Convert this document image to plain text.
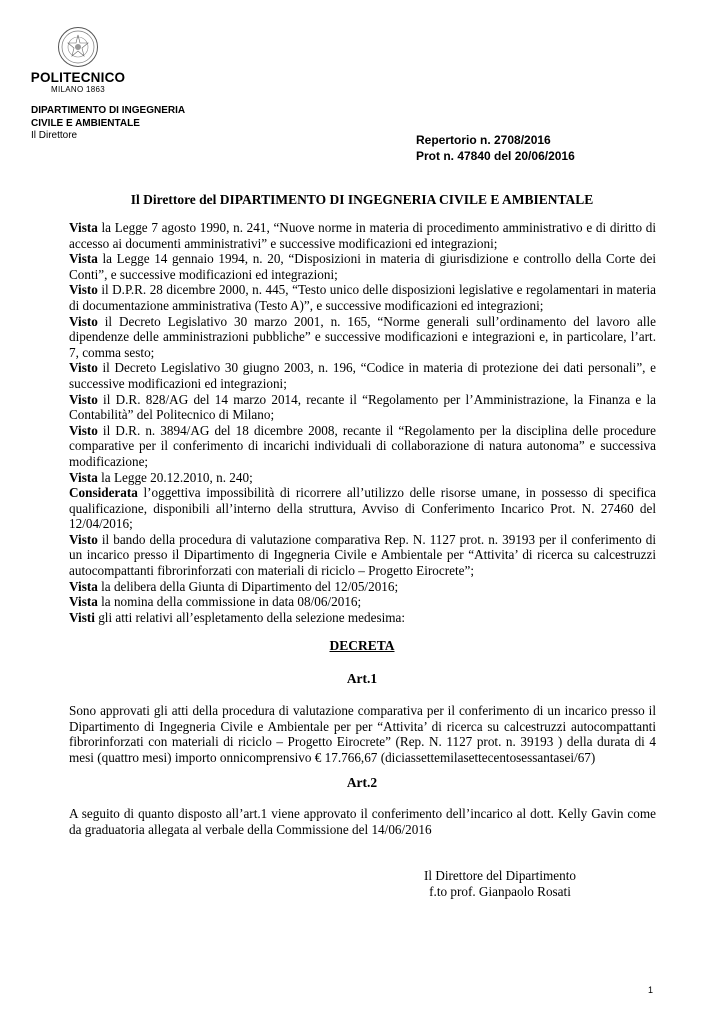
POLITECNICO
MILANO 1863
DIPARTIMENTO DI INGEGNERIA
CIVILE E AMBIENTALE
Il Direttore	Repertorio n. 2708/2016
Prot n. 47840 del 20/06/2016
Il Direttore del DIPARTIMENTO DI INGEGNERIA CIVILE E AMBIENTALE

Vista la Legge 7 agosto 1990, n. 241, “Nuove norme in materia di procedimento amministrativo e di diritto di accesso ai documenti amministrativi” e successive modificazioni ed integrazioni;

Vista la Legge 14 gennaio 1994, n. 20, “Disposizioni in materia di giurisdizione e controllo della Corte dei Conti”, e successive modificazioni ed integrazioni;

Visto il D.P.R. 28 dicembre 2000, n. 445, “Testo unico delle disposizioni legislative e regolamentari in materia di documentazione amministrativa (Testo A)”, e successive modificazioni ed integrazioni;

Visto il Decreto Legislativo 30 marzo 2001, n. 165, “Norme generali sull’ordinamento del lavoro alle dipendenze delle amministrazioni pubbliche” e successive modificazioni e integrazioni e, in particolare, l’art. 7, comma sesto;

Visto il Decreto Legislativo 30 giugno 2003, n. 196, “Codice in materia di protezione dei dati personali”, e successive modificazioni ed integrazioni;

Visto il D.R. 828/AG del 14 marzo 2014, recante il “Regolamento per l’Amministrazione, la Finanza e la Contabilità” del Politecnico di Milano;

Visto il D.R. n. 3894/AG del 18 dicembre 2008, recante il “Regolamento per la disciplina delle procedure comparative per il conferimento di incarichi individuali di collaborazione di natura autonoma” e successiva modificazione;

Vista la Legge 20.12.2010, n. 240;

Considerata l’oggettiva impossibilità di ricorrere all’utilizzo delle risorse umane, in possesso di specifica qualificazione, disponibili all’interno della struttura, Avviso di Conferimento Incarico Prot. N. 27460 del 12/04/2016;

Visto il bando della procedura di valutazione comparativa Rep. N. 1127 prot. n. 39193 per il conferimento di un incarico presso il Dipartimento di Ingegneria Civile e Ambientale per “Attivita’ di ricerca su calcestruzzi autocompattanti fibrorinforzati con materiali di riciclo – Progetto Eirocrete”;

Vista la delibera della Giunta di Dipartimento del 12/05/2016;

Vista la nomina della commissione in data 08/06/2016;

Visti gli atti relativi all’espletamento della selezione medesima:

DECRETA
Art.1
Sono approvati gli atti della procedura di valutazione comparativa per il conferimento di un incarico presso il Dipartimento di Ingegneria Civile e Ambientale per per “Attivita’ di ricerca su calcestruzzi autocompattanti fibrorinforzati con materiali di riciclo – Progetto Eirocrete” (Rep. N. 1127 prot. n. 39193 ) della durata di 4 mesi (quattro mesi) importo onnicomprensivo € 17.766,67 (diciassettemilasettecentosessantasei/67)
Art.2
A seguito di quanto disposto all’art.1 viene approvato il conferimento dell’incarico al dott. Kelly Gavin come da graduatoria allegata al verbale della Commissione del 14/06/2016
Il Direttore del Dipartimento
f.to prof. Gianpaolo Rosati
1
